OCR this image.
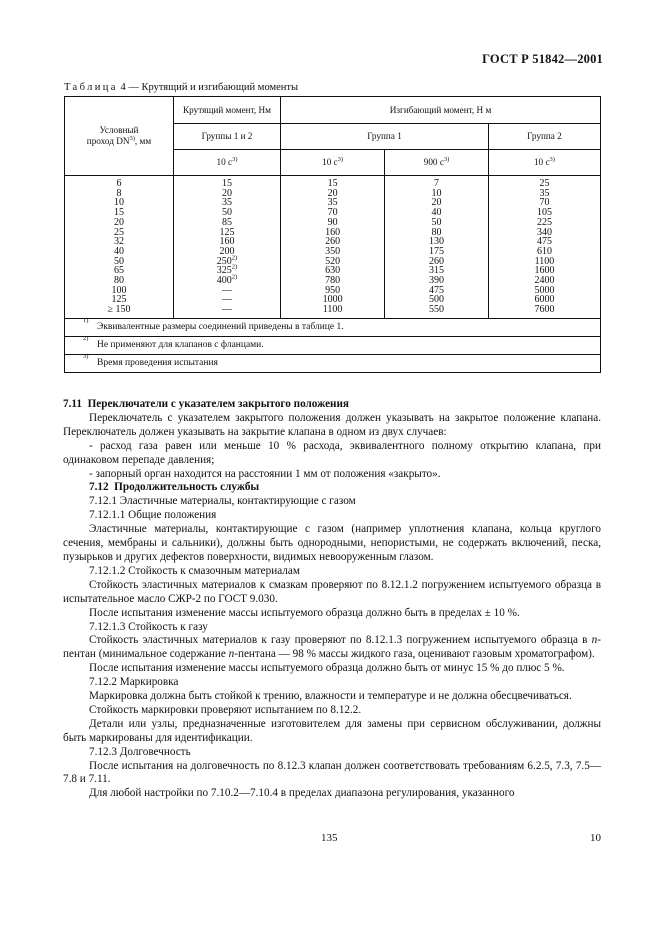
ГОСТ Р 51842—2001
Таблица 4 — Крутящий и изгибающий моменты
Условный
проход DN$^{3)}$, мм	Крутящий момент, Нм	Изгибающий момент, Н м		
	Группы 1 и 2	Группа 1		Группа 2
	10 $с^{3)}$	10 $с^{3)}$	900 $с^{3)}$	10 $с^{3)}$
6	15	15	7	25
8	20	20	10	35
10	35	35	20	70
15	50	70	40	105
20	85	90	50	225
25	125	160	80	340
32	160	260	130	475
40	200	350	175	610
50	250$^{2)}$	520	260	1100
65	325$^{2)}$	630	315	1600
80	400$^{2)}$	780	390	2400
100	—	950	475	5000
125	—	1000	500	6000
≥ 150	—	1100	550	7600

1)
Эквивалентные размеры соединений приведены в таблице 1.				

2)
Не применяют для клапанов с фланцами.				

3)
Время проведения испытания				

7.11 Переключатели с указателем закрытого положения

Переключатель с указателем закрытого положения должен указывать на закрытое положение клапана. Переключатель должен указывать на закрытие клапана в одном из двух случаев:

- расход газа равен или меньше 10 % расхода, эквивалентного полному открытию клапана, при одинаковом перепаде давления;

- запорный орган находится на расстоянии 1 мм от положения «закрыто».

7.12 Продолжительность службы

7.12.1 Эластичные материалы, контактирующие с газом

7.12.1.1 Общие положения

Эластичные материалы, контактирующие с газом (например уплотнения клапана, кольца круглого сечения, мембраны и сальники), должны быть однородными, непористыми, не содержать включений, песка, пузырьков и других дефектов поверхности, видимых невооруженным глазом.

7.12.1.2 Стойкость к смазочным материалам

Стойкость эластичных материалов к смазкам проверяют по 8.12.1.2 погружением испытуемого образца в испытательное масло СЖР-2 по ГОСТ 9.030.

После испытания изменение массы испытуемого образца должно быть в пределах ± 10 %.

7.12.1.3 Стойкость к газу

Стойкость эластичных материалов к газу проверяют по 8.12.1.3 погружением испытуемого образца в n-пентан (минимальное содержание n-пентана — 98 % массы жидкого газа, оценивают газовым хроматографом).

После испытания изменение массы испытуемого образца должно быть от минус 15 % до плюс 5 %.

7.12.2 Маркировка

Маркировка должна быть стойкой к трению, влажности и температуре и не должна обесцвечиваться.

Стойкость маркировки проверяют испытанием по 8.12.2.

Детали или узлы, предназначенные изготовителем для замены при сервисном обслуживании, должны быть маркированы для идентификации.

7.12.3 Долговечность

После испытания на долговечность по 8.12.3 клапан должен соответствовать требованиям 6.2.5, 7.3, 7.5—7.8 и 7.11.

Для любой настройки по 7.10.2—7.10.4 в пределах диапазона регулирования, указанного

135	10
